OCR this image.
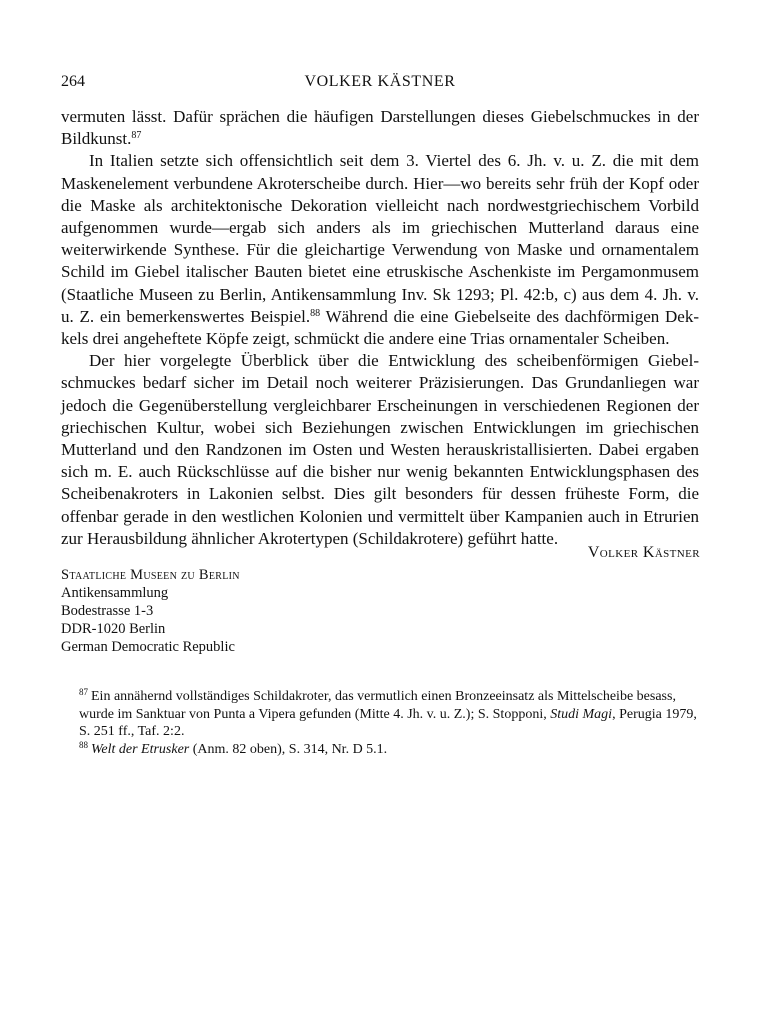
264	VOLKER KÄSTNER

vermuten lässt. Dafür sprächen die häufigen Darstellungen dieses Giebelschmuckes in der Bildkunst.$^{87}$

In Italien setzte sich offensichtlich seit dem 3. Viertel des 6. Jh. v. u. Z. die mit dem Maskenelement verbundene Akroterscheibe durch. Hier—wo bereits sehr früh der Kopf oder die Maske als architektonische Dekoration vielleicht nach nordwestgriechischem Vorbild aufgenommen wurde—ergab sich anders als im griechischen Mutterland daraus eine weiterwirkende Synthese. Für die gleichartige Verwendung von Maske und ornamentalem Schild im Giebel italischer Bauten bietet eine etruskische Aschenkiste im Pergamonmusem (Staatliche Museen zu Berlin, Antikensammlung Inv. Sk 1293; Pl. 42:b, c) aus dem 4. Jh. v. u. Z. ein bemerkenswertes Beispiel.$^{88}$ Während die eine Giebelseite des dachförmigen Dekkels drei angeheftete Köpfe zeigt, schmückt die andere eine Trias ornamentaler Scheiben.

Der hier vorgelegte Überblick über die Entwicklung des scheibenförmigen Giebelschmuckes bedarf sicher im Detail noch weiterer Präzisierungen. Das Grundanliegen war jedoch die Gegenüberstellung vergleichbarer Erscheinungen in verschiedenen Regionen der griechischen Kultur, wobei sich Beziehungen zwischen Entwicklungen im griechischen Mutterland und den Randzonen im Osten und Westen herauskristallisierten. Dabei ergaben sich m. E. auch Rückschlüsse auf die bisher nur wenig bekannten Entwicklungsphasen des Scheibenakroters in Lakonien selbst. Dies gilt besonders für dessen früheste Form, die offenbar gerade in den westlichen Kolonien und vermittelt über Kampanien auch in Etrurien zur Herausbildung ähnlicher Akrotertypen (Schildakrotere) geführt hatte.

Volker Kästner
Staatliche Museen zu Berlin
Antikensammlung
Bodestrasse 1-3
DDR-1020 Berlin
German Democratic Republic
$^{87}$ Ein annähernd vollständiges Schildakroter, das vermutlich einen Bronzeeinsatz als Mittelscheibe besass, wurde im Sanktuar von Punta a Vipera gefunden (Mitte 4. Jh. v. u. Z.); S. Stopponi, Studi Magi, Perugia 1979, S. 251 ff., Taf. 2:2.
$^{88}$ Welt der Etrusker (Anm. 82 oben), S. 314, Nr. D 5.1.
